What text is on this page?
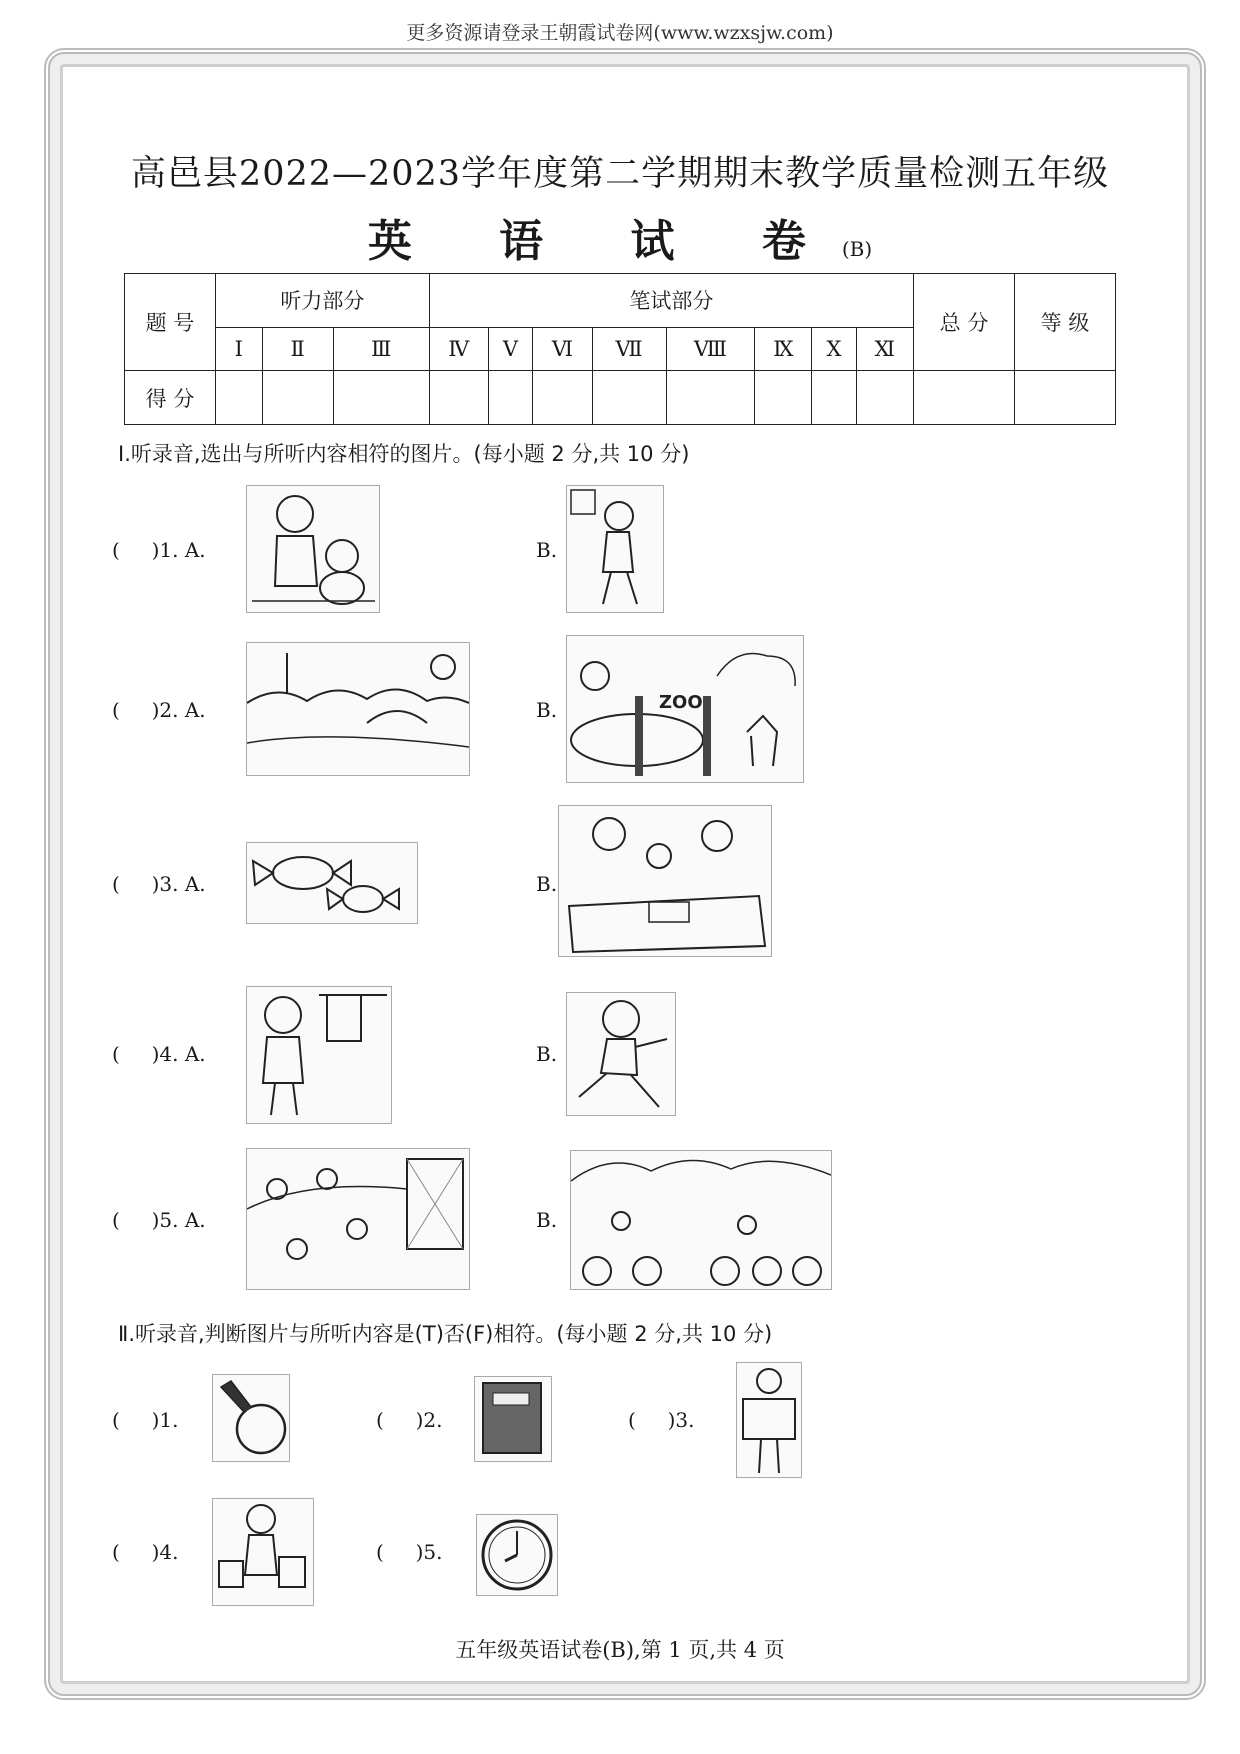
更多资源请登录王朝霞试卷网(www.wzxsjw.com)
高邑县2022—2023学年度第二学期期末教学质量检测五年级
英 语 试 卷(B)
题 号	听力部分			笔试部分								总 分	等 级
	Ⅰ	Ⅱ	Ⅲ	Ⅳ	Ⅴ	Ⅵ	Ⅶ	Ⅷ	Ⅸ	Ⅹ	Ⅺ		
得 分													
Ⅰ.听录音,选出与所听内容相符的图片。(每小题 2 分,共 10 分)
(     )1. A.	B.
(     )2. A.	B.	ZOO
(     )3. A.	B.
(     )4. A.	B.
(     )5. A.	B.
Ⅱ.听录音,判断图片与所听内容是(T)否(F)相符。(每小题 2 分,共 10 分)
(     )1.	(     )2.	(     )3.
(     )4.	(     )5.
五年级英语试卷(B),第 1 页,共 4 页
